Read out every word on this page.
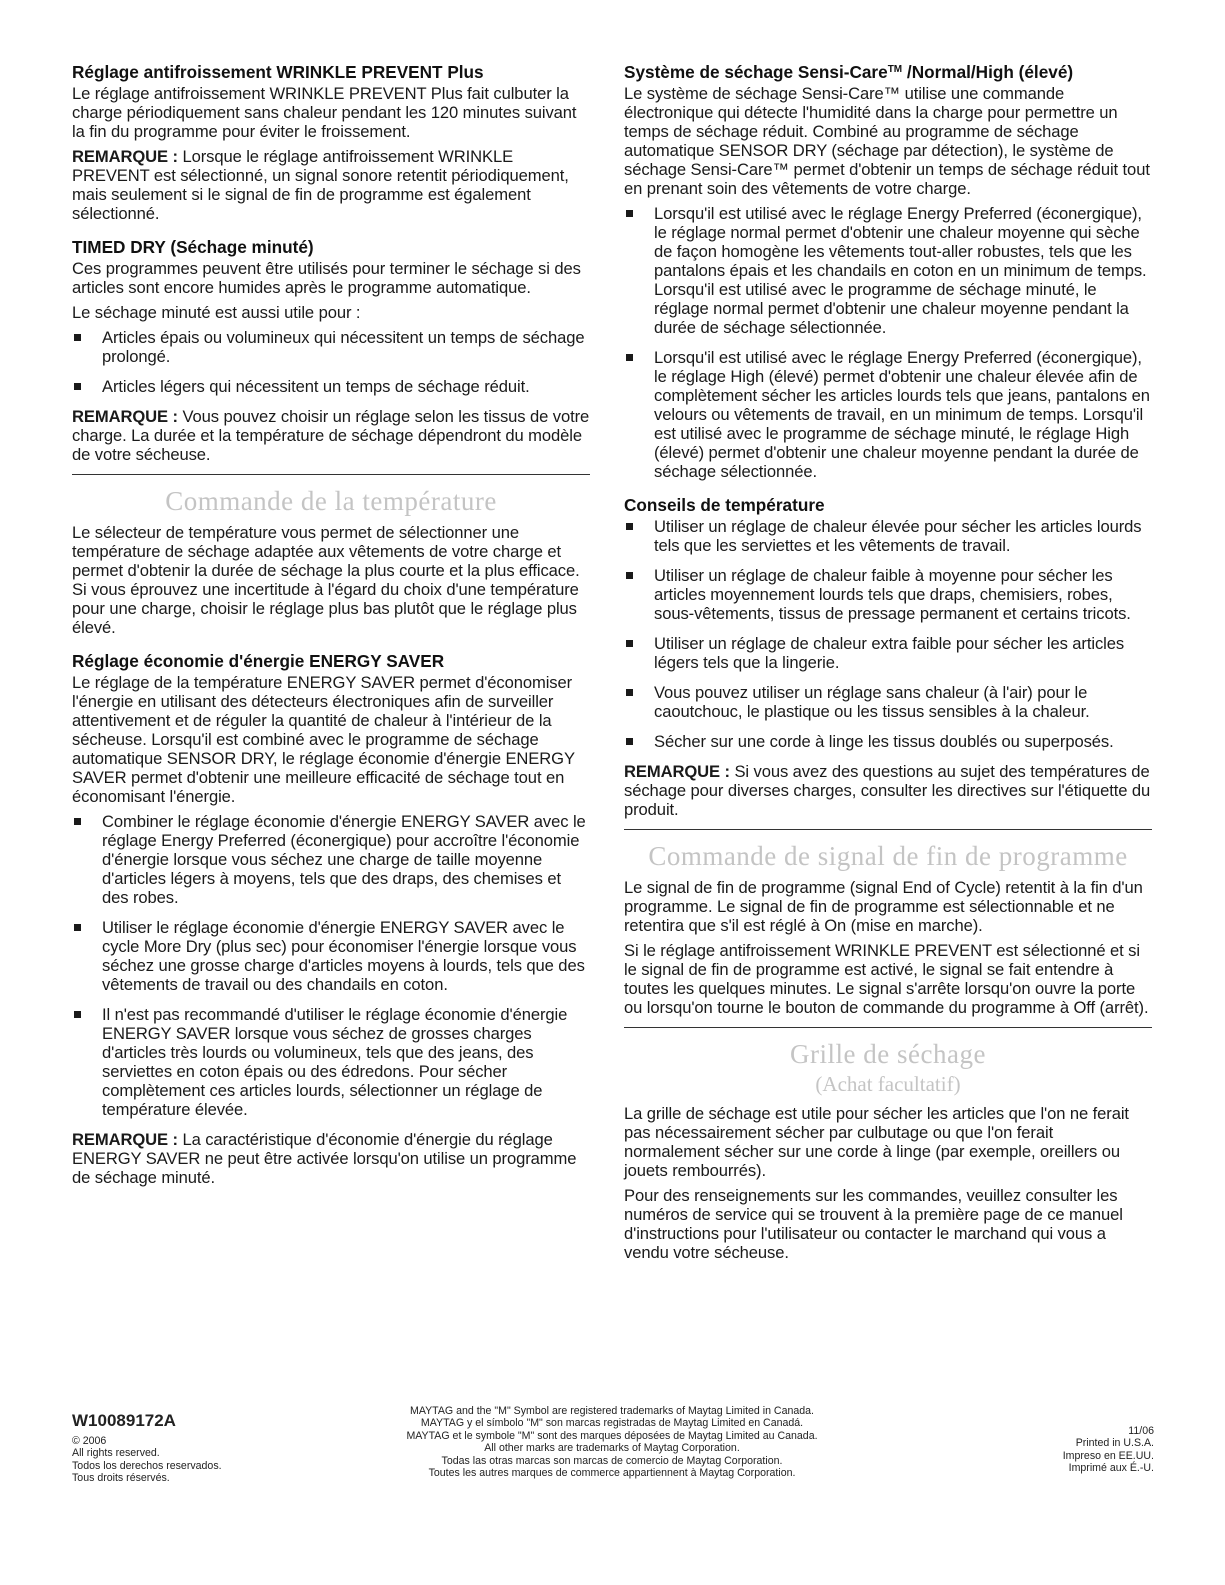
Réglage antifroissement WRINKLE PREVENT Plus

Le réglage antifroissement WRINKLE PREVENT Plus fait culbuter la charge périodiquement sans chaleur pendant les 120 minutes suivant la fin du programme pour éviter le froissement.

REMARQUE : Lorsque le réglage antifroissement WRINKLE PREVENT est sélectionné, un signal sonore retentit périodiquement, mais seulement si le signal de fin de programme est également sélectionné.

TIMED DRY (Séchage minuté)

Ces programmes peuvent être utilisés pour terminer le séchage si des articles sont encore humides après le programme automatique.

Le séchage minuté est aussi utile pour :

Articles épais ou volumineux qui nécessitent un temps de séchage prolongé.
Articles légers qui nécessitent un temps de séchage réduit.

REMARQUE : Vous pouvez choisir un réglage selon les tissus de votre charge. La durée et la température de séchage dépendront du modèle de votre sécheuse.

Commande de la température

Le sélecteur de température vous permet de sélectionner une température de séchage adaptée aux vêtements de votre charge et permet d'obtenir la durée de séchage la plus courte et la plus efficace. Si vous éprouvez une incertitude à l'égard du choix d'une température pour une charge, choisir le réglage plus bas plutôt que le réglage plus élevé.

Réglage économie d'énergie ENERGY SAVER

Le réglage de la température ENERGY SAVER permet d'économiser l'énergie en utilisant des détecteurs électroniques afin de surveiller attentivement et de réguler la quantité de chaleur à l'intérieur de la sécheuse. Lorsqu'il est combiné avec le programme de séchage automatique SENSOR DRY, le réglage économie d'énergie ENERGY SAVER permet d'obtenir une meilleure efficacité de séchage tout en économisant l'énergie.

Combiner le réglage économie d'énergie ENERGY SAVER avec le réglage Energy Preferred (éconergique) pour accroître l'économie d'énergie lorsque vous séchez une charge de taille moyenne d'articles légers à moyens, tels que des draps, des chemises et des robes.
Utiliser le réglage économie d'énergie ENERGY SAVER avec le cycle More Dry (plus sec) pour économiser l'énergie lorsque vous séchez une grosse charge d'articles moyens à lourds, tels que des vêtements de travail ou des chandails en coton.
Il n'est pas recommandé d'utiliser le réglage économie d'énergie ENERGY SAVER lorsque vous séchez de grosses charges d'articles très lourds ou volumineux, tels que des jeans, des serviettes en coton épais ou des édredons. Pour sécher complètement ces articles lourds, sélectionner un réglage de température élevée.

REMARQUE : La caractéristique d'économie d'énergie du réglage ENERGY SAVER ne peut être activée lorsqu'on utilise un programme de séchage minuté.

Système de séchage Sensi-Care™ /Normal/High (élevé)

Le système de séchage Sensi-Care™ utilise une commande électronique qui détecte l'humidité dans la charge pour permettre un temps de séchage réduit. Combiné au programme de séchage automatique SENSOR DRY (séchage par détection), le système de séchage Sensi-Care™ permet d'obtenir un temps de séchage réduit tout en prenant soin des vêtements de votre charge.

Lorsqu'il est utilisé avec le réglage Energy Preferred (éconergique), le réglage normal permet d'obtenir une chaleur moyenne qui sèche de façon homogène les vêtements tout-aller robustes, tels que les pantalons épais et les chandails en coton en un minimum de temps. Lorsqu'il est utilisé avec le programme de séchage minuté, le réglage normal permet d'obtenir une chaleur moyenne pendant la durée de séchage sélectionnée.
Lorsqu'il est utilisé avec le réglage Energy Preferred (éconergique), le réglage High (élevé) permet d'obtenir une chaleur élevée afin de complètement sécher les articles lourds tels que jeans, pantalons en velours ou vêtements de travail, en un minimum de temps. Lorsqu'il est utilisé avec le programme de séchage minuté, le réglage High (élevé) permet d'obtenir une chaleur moyenne pendant la durée de séchage sélectionnée.
Conseils de température
Utiliser un réglage de chaleur élevée pour sécher les articles lourds tels que les serviettes et les vêtements de travail.
Utiliser un réglage de chaleur faible à moyenne pour sécher les articles moyennement lourds tels que draps, chemisiers, robes, sous-vêtements, tissus de pressage permanent et certains tricots.
Utiliser un réglage de chaleur extra faible pour sécher les articles légers tels que la lingerie.
Vous pouvez utiliser un réglage sans chaleur (à l'air) pour le caoutchouc, le plastique ou les tissus sensibles à la chaleur.
Sécher sur une corde à linge les tissus doublés ou superposés.

REMARQUE : Si vous avez des questions au sujet des températures de séchage pour diverses charges, consulter les directives sur l'étiquette du produit.

Commande de signal de fin de programme

Le signal de fin de programme (signal End of Cycle) retentit à la fin d'un programme. Le signal de fin de programme est sélectionnable et ne retentira que s'il est réglé à On (mise en marche).

Si le réglage antifroissement WRINKLE PREVENT est sélectionné et si le signal de fin de programme est activé, le signal se fait entendre à toutes les quelques minutes. Le signal s'arrête lorsqu'on ouvre la porte ou lorsqu'on tourne le bouton de commande du programme à Off (arrêt).

Grille de séchage
(Achat facultatif)

La grille de séchage est utile pour sécher les articles que l'on ne ferait pas nécessairement sécher par culbutage ou que l'on ferait normalement sécher sur une corde à linge (par exemple, oreillers ou jouets rembourrés).

Pour des renseignements sur les commandes, veuillez consulter les numéros de service qui se trouvent à la première page de ce manuel d'instructions pour l'utilisateur ou contacter le marchand qui vous a vendu votre sécheuse.

W10089172A
© 2006
All rights reserved.
Todos los derechos reservados.
Tous droits réservés.
MAYTAG and the "M" Symbol are registered trademarks of Maytag Limited in Canada.
MAYTAG y el símbolo "M" son marcas registradas de Maytag Limited en Canadá.
MAYTAG et le symbole "M" sont des marques déposées de Maytag Limited au Canada.
All other marks are trademarks of Maytag Corporation.
Todas las otras marcas son marcas de comercio de Maytag Corporation.
Toutes les autres marques de commerce appartiennent à Maytag Corporation.
11/06
Printed in U.S.A.
Impreso en EE.UU.
Imprimé aux É.-U.
